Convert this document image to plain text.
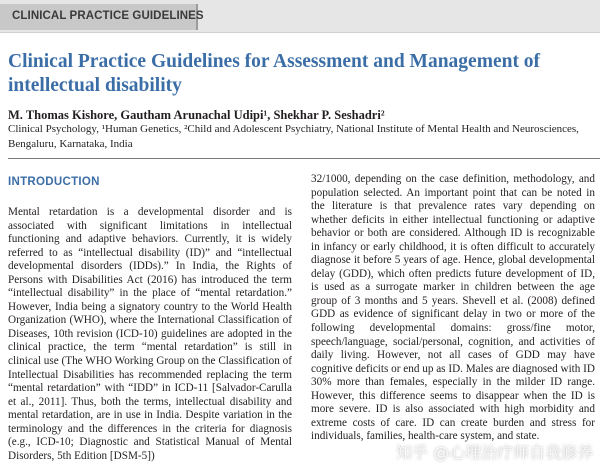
CLINICAL PRACTICE GUIDELINES
Clinical Practice Guidelines for Assessment and Management of intellectual disability
M. Thomas Kishore, Gautham Arunachal Udipi¹, Shekhar P. Seshadri²
Clinical Psychology, ¹Human Genetics, ²Child and Adolescent Psychiatry, National Institute of Mental Health and Neurosciences, Bengaluru, Karnataka, India
INTRODUCTION

Mental retardation is a developmental disorder and is associated with significant limitations in intellectual functioning and adaptive behaviors. Currently, it is widely referred to as “intellectual disability (ID)” and “intellectual developmental disorders (IDDs).” In India, the Rights of Persons with Disabilities Act (2016) has introduced the term “intellectual disability” in the place of “mental retardation.” However, India being a signatory country to the World Health Organization (WHO), where the International Classification of Diseases, 10th revision (ICD-10) guidelines are adopted in the clinical practice, the term “mental retardation” is still in clinical use (The WHO Working Group on the Classification of Intellectual Disabilities has recommended replacing the term “mental retardation” with “IDD” in ICD-11 [Salvador-Carulla et al., 2011]. Thus, both the terms, intellectual disability and mental retardation, are in use in India. Despite variation in the terminology and the differences in the criteria for diagnosis (e.g., ICD-10; Diagnostic and Statistical Manual of Mental Disorders, 5th Edition [DSM-5])

32/1000, depending on the case definition, methodology, and population selected. An important point that can be noted in the literature is that prevalence rates vary depending on whether deficits in either intellectual functioning or adaptive behavior or both are considered. Although ID is recognizable in infancy or early childhood, it is often difficult to accurately diagnose it before 5 years of age. Hence, global developmental delay (GDD), which often predicts future development of ID, is used as a surrogate marker in children between the age group of 3 months and 5 years. Shevell et al. (2008) defined GDD as evidence of significant delay in two or more of the following developmental domains: gross/fine motor, speech/language, social/personal, cognition, and activities of daily living. However, not all cases of GDD may have cognitive deficits or end up as ID. Males are diagnosed with ID 30% more than females, especially in the milder ID range. However, this difference seems to disappear when the ID is more severe. ID is also associated with high morbidity and extreme costs of care. ID can create burden and stress for individuals, families, health-care system, and state.

知乎 @心理治疗师自我修养
